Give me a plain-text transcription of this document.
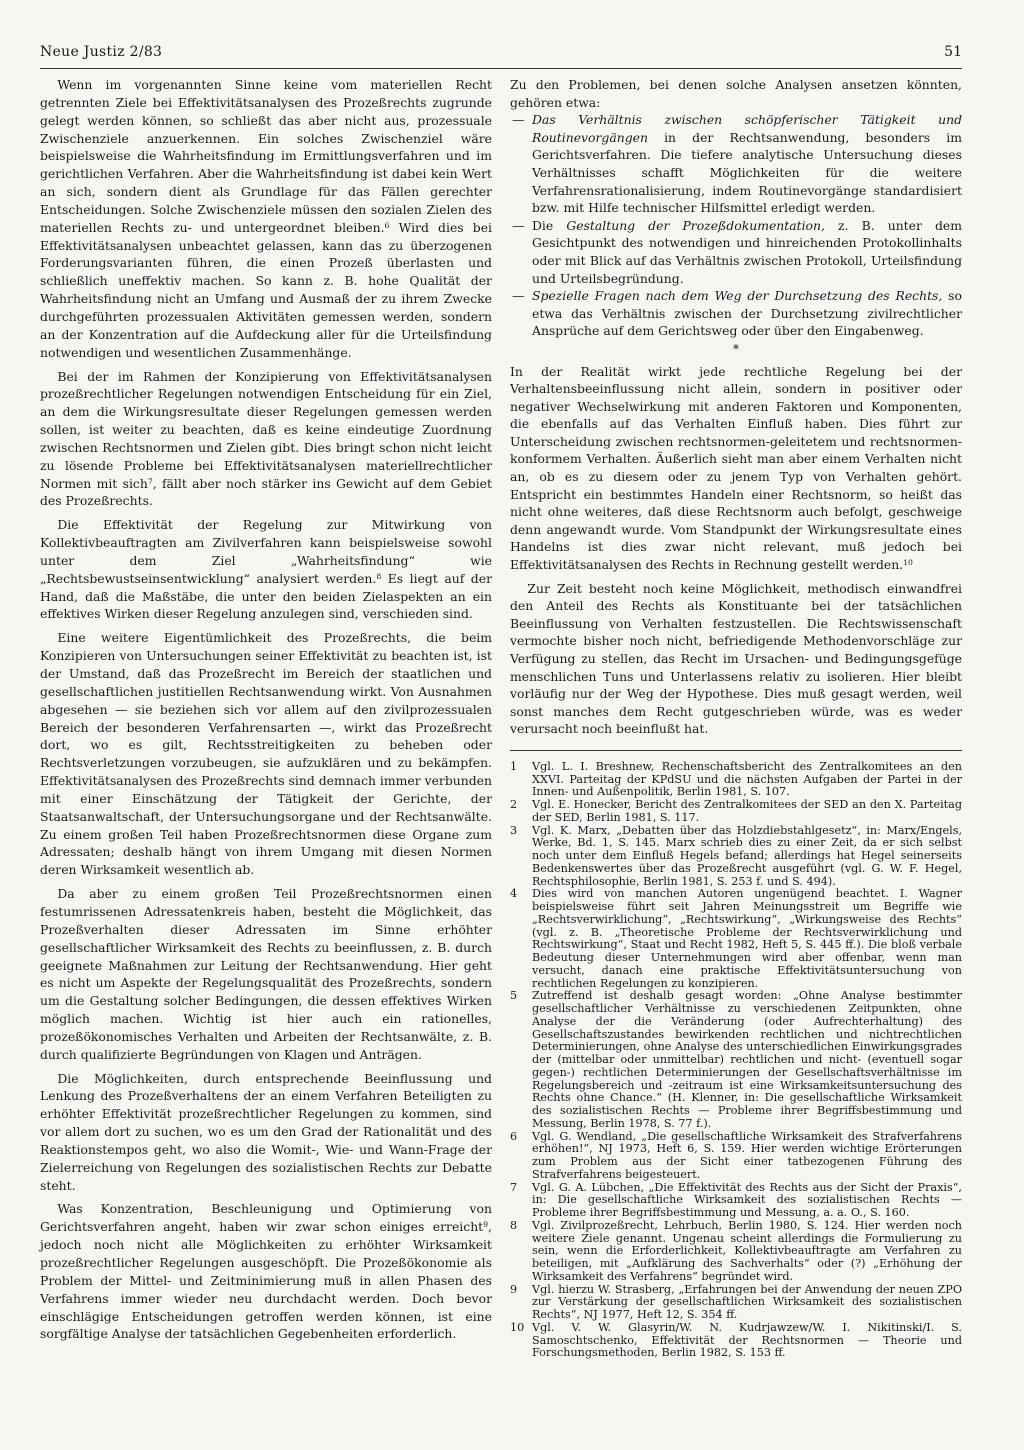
Neue Justiz 2/83	51

Wenn im vorgenannten Sinne keine vom materiellen Recht getrennten Ziele bei Effektivitätsanalysen des Prozeßrechts zugrunde gelegt werden können, so schließt das aber nicht aus, prozessuale Zwischenziele anzuerkennen. Ein solches Zwischenziel wäre beispielsweise die Wahrheitsfindung im Ermittlungsverfahren und im gerichtlichen Verfahren. Aber die Wahrheitsfindung ist dabei kein Wert an sich, sondern dient als Grundlage für das Fällen gerechter Entscheidungen. Solche Zwischenziele müssen den sozialen Zielen des materiellen Rechts zu- und untergeordnet bleiben.$^6$ Wird dies bei Effektivitätsanalysen unbeachtet gelassen, kann das zu überzogenen Forderungsvarianten führen, die einen Prozeß überlasten und schließlich uneffektiv machen. So kann z. B. hohe Qualität der Wahrheitsfindung nicht an Umfang und Ausmaß der zu ihrem Zwecke durchgeführten prozessualen Aktivitäten gemessen werden, sondern an der Konzentration auf die Aufdeckung aller für die Urteilsfindung notwendigen und wesentlichen Zusammenhänge.

Bei der im Rahmen der Konzipierung von Effektivitätsanalysen prozeßrechtlicher Regelungen notwendigen Entscheidung für ein Ziel, an dem die Wirkungsresultate dieser Regelungen gemessen werden sollen, ist weiter zu beachten, daß es keine eindeutige Zuordnung zwischen Rechtsnormen und Zielen gibt. Dies bringt schon nicht leicht zu lösende Probleme bei Effektivitätsanalysen materiellrechtlicher Normen mit sich$^7$, fällt aber noch stärker ins Gewicht auf dem Gebiet des Prozeßrechts.

Die Effektivität der Regelung zur Mitwirkung von Kollektivbeauftragten am Zivilverfahren kann beispielsweise sowohl unter dem Ziel „Wahrheitsfindung“ wie „Rechtsbewustseinsentwicklung“ analysiert werden.$^8$ Es liegt auf der Hand, daß die Maßstäbe, die unter den beiden Zielaspekten an ein effektives Wirken dieser Regelung anzulegen sind, verschieden sind.

Eine weitere Eigentümlichkeit des Prozeßrechts, die beim Konzipieren von Untersuchungen seiner Effektivität zu beachten ist, ist der Umstand, daß das Prozeßrecht im Bereich der staatlichen und gesellschaftlichen justitiellen Rechtsanwendung wirkt. Von Ausnahmen abgesehen — sie beziehen sich vor allem auf den zivilprozessualen Bereich der besonderen Verfahrensarten —, wirkt das Prozeßrecht dort, wo es gilt, Rechtsstreitigkeiten zu beheben oder Rechtsverletzungen vorzubeugen, sie aufzuklären und zu bekämpfen. Effektivitätsanalysen des Prozeßrechts sind demnach immer verbunden mit einer Einschätzung der Tätigkeit der Gerichte, der Staatsanwaltschaft, der Untersuchungsorgane und der Rechtsanwälte. Zu einem großen Teil haben Prozeßrechtsnormen diese Organe zum Adressaten; deshalb hängt von ihrem Umgang mit diesen Normen deren Wirksamkeit wesentlich ab.

Da aber zu einem großen Teil Prozeßrechtsnormen einen festumrissenen Adressatenkreis haben, besteht die Möglichkeit, das Prozeßverhalten dieser Adressaten im Sinne erhöhter gesellschaftlicher Wirksamkeit des Rechts zu beeinflussen, z. B. durch geeignete Maßnahmen zur Leitung der Rechtsanwendung. Hier geht es nicht um Aspekte der Regelungsqualität des Prozeßrechts, sondern um die Gestaltung solcher Bedingungen, die dessen effektives Wirken möglich machen. Wichtig ist hier auch ein rationelles, prozeßökonomisches Verhalten und Arbeiten der Rechtsanwälte, z. B. durch qualifizierte Begründungen von Klagen und Anträgen.

Die Möglichkeiten, durch entsprechende Beeinflussung und Lenkung des Prozeßverhaltens der an einem Verfahren Beteiligten zu erhöhter Effektivität prozeßrechtlicher Regelungen zu kommen, sind vor allem dort zu suchen, wo es um den Grad der Rationalität und des Reaktionstempos geht, wo also die Womit-, Wie- und Wann-Frage der Zielerreichung von Regelungen des sozialistischen Rechts zur Debatte steht.

Was Konzentration, Beschleunigung und Optimierung von Gerichtsverfahren angeht, haben wir zwar schon einiges erreicht$^9$, jedoch noch nicht alle Möglichkeiten zu erhöhter Wirksamkeit prozeßrechtlicher Regelungen ausgeschöpft. Die Prozeßökonomie als Problem der Mittel- und Zeitminimierung muß in allen Phasen des Verfahrens immer wieder neu durchdacht werden. Doch bevor einschlägige Entscheidungen getroffen werden können, ist eine sorgfältige Analyse der tatsächlichen Gegebenheiten erforderlich.

Zu den Problemen, bei denen solche Analysen ansetzen könnten, gehören etwa:

— Das Verhältnis zwischen schöpferischer Tätigkeit und Routinevorgängen in der Rechtsanwendung, besonders im Gerichtsverfahren. Die tiefere analytische Untersuchung dieses Verhältnisses schafft Möglichkeiten für die weitere Verfahrensrationalisierung, indem Routinevorgänge standardisiert bzw. mit Hilfe technischer Hilfsmittel erledigt werden.
— Die Gestaltung der Prozeßdokumentation, z. B. unter dem Gesichtpunkt des notwendigen und hinreichenden Protokollinhalts oder mit Blick auf das Verhältnis zwischen Protokoll, Urteilsfindung und Urteilsbegründung.
— Spezielle Fragen nach dem Weg der Durchsetzung des Rechts, so etwa das Verhältnis zwischen der Durchsetzung zivilrechtlicher Ansprüche auf dem Gerichtsweg oder über den Eingabenweg.
*

In der Realität wirkt jede rechtliche Regelung bei der Verhaltensbeeinflussung nicht allein, sondern in positiver oder negativer Wechselwirkung mit anderen Faktoren und Komponenten, die ebenfalls auf das Verhalten Einfluß haben. Dies führt zur Unterscheidung zwischen rechtsnormen-geleitetem und rechtsnormen-konformem Verhalten. Äußerlich sieht man aber einem Verhalten nicht an, ob es zu diesem oder zu jenem Typ von Verhalten gehört. Entspricht ein bestimmtes Handeln einer Rechtsnorm, so heißt das nicht ohne weiteres, daß diese Rechtsnorm auch befolgt, geschweige denn angewandt wurde. Vom Standpunkt der Wirkungsresultate eines Handelns ist dies zwar nicht relevant, muß jedoch bei Effektivitätsanalysen des Rechts in Rechnung gestellt werden.$^{10}$

Zur Zeit besteht noch keine Möglichkeit, methodisch einwandfrei den Anteil des Rechts als Konstituante bei der tatsächlichen Beeinflussung von Verhalten festzustellen. Die Rechtswissenschaft vermochte bisher noch nicht, befriedigende Methodenvorschläge zur Verfügung zu stellen, das Recht im Ursachen- und Bedingungsgefüge menschlichen Tuns und Unterlassens relativ zu isolieren. Hier bleibt vorläufig nur der Weg der Hypothese. Dies muß gesagt werden, weil sonst manches dem Recht gutgeschrieben würde, was es weder verursacht noch beeinflußt hat.

1	Vgl. L. I. Breshnew, Rechenschaftsbericht des Zentralkomitees an den XXVI. Parteitag der KPdSU und die nächsten Aufgaben der Partei in der Innen- und Außenpolitik, Berlin 1981, S. 107.
2	Vgl. E. Honecker, Bericht des Zentralkomitees der SED an den X. Parteitag der SED, Berlin 1981, S. 117.
3	Vgl. K. Marx, „Debatten über das Holzdiebstahlgesetz“, in: Marx/Engels, Werke, Bd. 1, S. 145. Marx schrieb dies zu einer Zeit, da er sich selbst noch unter dem Einfluß Hegels befand; allerdings hat Hegel seinerseits Bedenkenswertes über das Prozeßrecht ausgeführt (vgl. G. W. F. Hegel, Rechtsphilosophie, Berlin 1981, S. 253 f. und S. 494).
4	Dies wird von manchen Autoren ungenügend beachtet. I. Wagner beispielsweise führt seit Jahren Meinungsstreit um Begriffe wie „Rechtsverwirklichung“, „Rechtswirkung“, „Wirkungsweise des Rechts“ (vgl. z. B. „Theoretische Probleme der Rechtsverwirklichung und Rechtswirkung“, Staat und Recht 1982, Heft 5, S. 445 ff.). Die bloß verbale Bedeutung dieser Unternehmungen wird aber offenbar, wenn man versucht, danach eine praktische Effektivitätsuntersuchung von rechtlichen Regelungen zu konzipieren.
5	Zutreffend ist deshalb gesagt worden: „Ohne Analyse bestimmter gesellschaftlicher Verhältnisse zu verschiedenen Zeitpunkten, ohne Analyse der die Veränderung (oder Aufrechterhaltung) des Gesellschaftszustandes bewirkenden rechtlichen und nichtrechtlichen Determinierungen, ohne Analyse des unterschiedlichen Einwirkungsgrades der (mittelbar oder unmittelbar) rechtlichen und nicht- (eventuell sogar gegen-) rechtlichen Determinierungen der Gesellschaftsverhältnisse im Regelungsbereich und -zeitraum ist eine Wirksamkeitsuntersuchung des Rechts ohne Chance.“ (H. Klenner, in: Die gesellschaftliche Wirksamkeit des sozialistischen Rechts — Probleme ihrer Begriffsbestimmung und Messung, Berlin 1978, S. 77 f.).
6	Vgl. G. Wendland, „Die gesellschaftliche Wirksamkeit des Strafverfahrens erhöhen!“, NJ 1973, Heft 6, S. 159. Hier werden wichtige Erörterungen zum Problem aus der Sicht einer tatbezogenen Führung des Strafverfahrens beigesteuert.
7	Vgl. G. A. Lübchen, „Die Effektivität des Rechts aus der Sicht der Praxis“, in: Die gesellschaftliche Wirksamkeit des sozialistischen Rechts — Probleme ihrer Begriffsbestimmung und Messung, a. a. O., S. 160.
8	Vgl. Zivilprozeßrecht, Lehrbuch, Berlin 1980, S. 124. Hier werden noch weitere Ziele genannt. Ungenau scheint allerdings die Formulierung zu sein, wenn die Erforderlichkeit, Kollektivbeauftragte am Verfahren zu beteiligen, mit „Aufklärung des Sachverhalts“ oder (?) „Erhöhung der Wirksamkeit des Verfahrens“ begründet wird.
9	Vgl. hierzu W. Strasberg, „Erfahrungen bei der Anwendung der neuen ZPO zur Verstärkung der gesellschaftlichen Wirksamkeit des sozialistischen Rechts“, NJ 1977, Heft 12, S. 354 ff.
10 Vgl. V. W. Glasyrin/W. N. Kudrjawzew/W. I. Nikitinski/I. S. Samoschtschenko, Effektivität der Rechtsnormen — Theorie und Forschungsmethoden, Berlin 1982, S. 153 ff.
